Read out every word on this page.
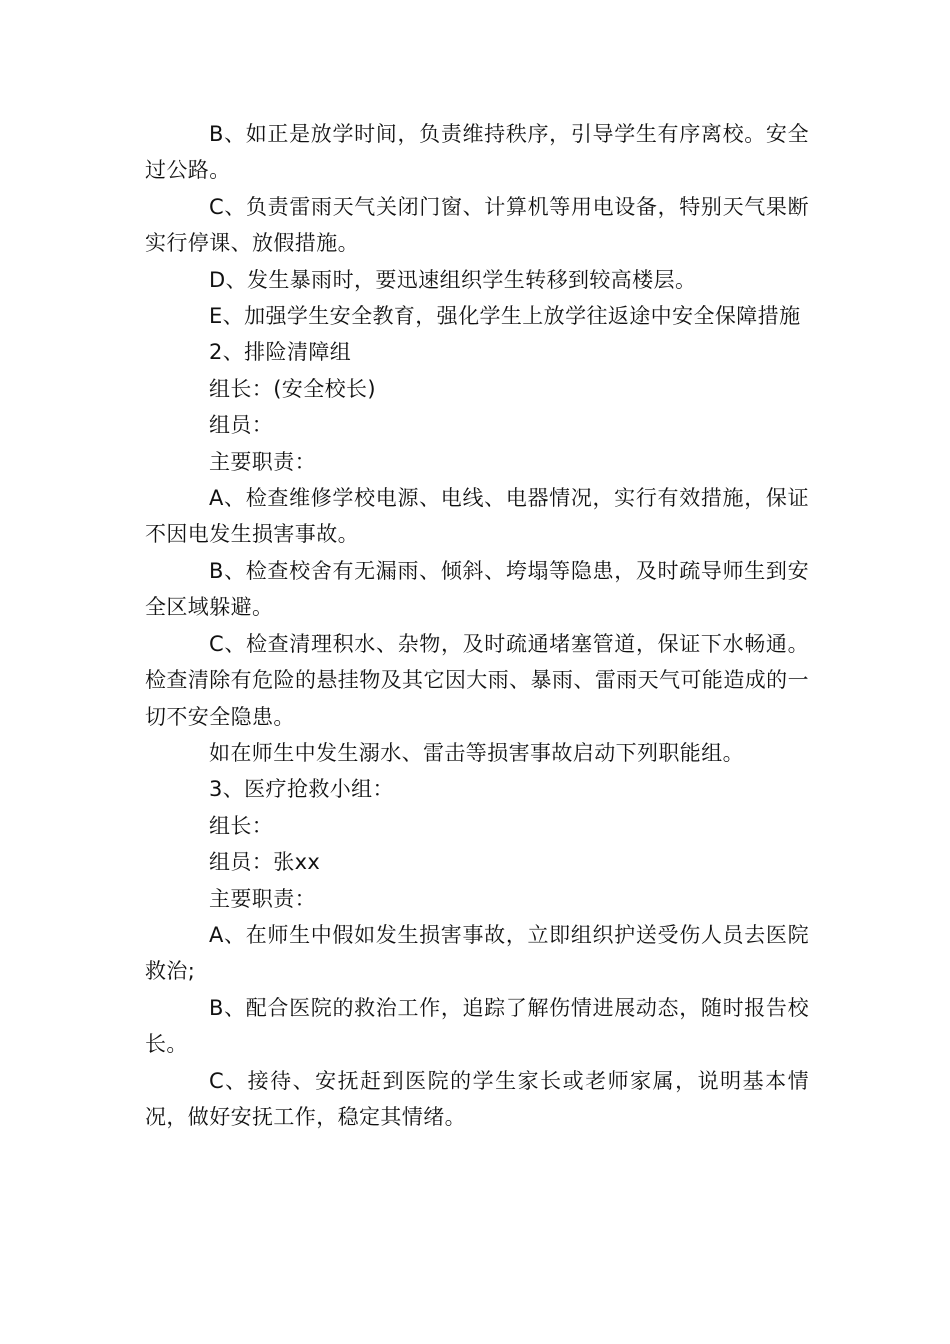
B、如正是放学时间，负责维持秩序，引导学生有序离校。安全过公路。

C、负责雷雨天气关闭门窗、计算机等用电设备，特别天气果断实行停课、放假措施。

D、发生暴雨时，要迅速组织学生转移到较高楼层。

E、加强学生安全教育，强化学生上放学往返途中安全保障措施

2、排险清障组

组长：(安全校长)

组员：

主要职责：

A、检查维修学校电源、电线、电器情况，实行有效措施，保证不因电发生损害事故。

B、检查校舍有无漏雨、倾斜、垮塌等隐患，及时疏导师生到安全区域躲避。

C、检查清理积水、杂物，及时疏通堵塞管道，保证下水畅通。检查清除有危险的悬挂物及其它因大雨、暴雨、雷雨天气可能造成的一切不安全隐患。

如在师生中发生溺水、雷击等损害事故启动下列职能组。

3、医疗抢救小组：

组长：

组员：张xx

主要职责：

A、在师生中假如发生损害事故，立即组织护送受伤人员去医院救治;

B、配合医院的救治工作，追踪了解伤情进展动态，随时报告校长。

C、接待、安抚赶到医院的学生家长或老师家属，说明基本情况，做好安抚工作，稳定其情绪。
